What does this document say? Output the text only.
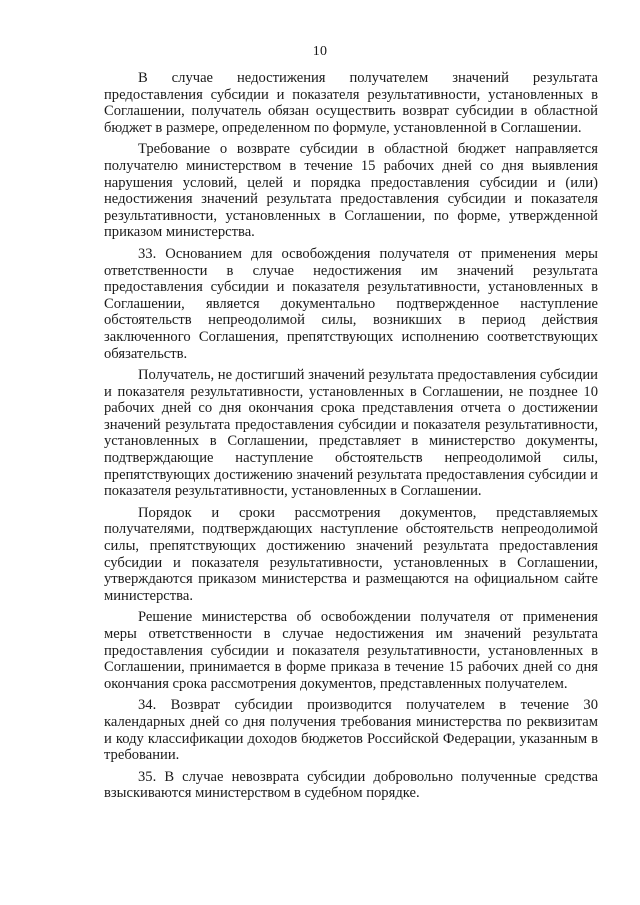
10

В случае недостижения получателем значений результата предоставления субсидии и показателя результативности, установленных в Соглашении, получатель обязан осуществить возврат субсидии в областной бюджет в размере, определенном по формуле, установленной в Соглашении.

Требование о возврате субсидии в областной бюджет направляется получателю министерством в течение 15 рабочих дней со дня выявления нарушения условий, целей и порядка предоставления субсидии и (или) недостижения значений результата предоставления субсидии и показателя результативности, установленных в Соглашении, по форме, утвержденной приказом министерства.

33. Основанием для освобождения получателя от применения меры ответственности в случае недостижения им значений результата предоставления субсидии и показателя результативности, установленных в Соглашении, является документально подтвержденное наступление обстоятельств непреодолимой силы, возникших в период действия заключенного Соглашения, препятствующих исполнению соответствующих обязательств.

Получатель, не достигший значений результата предоставления субсидии и показателя результативности, установленных в Соглашении, не позднее 10 рабочих дней со дня окончания срока представления отчета о достижении значений результата предоставления субсидии и показателя результативности, установленных в Соглашении, представляет в министерство документы, подтверждающие наступление обстоятельств непреодолимой силы, препятствующих достижению значений результата предоставления субсидии и показателя результативности, установленных в Соглашении.

Порядок и сроки рассмотрения документов, представляемых получателями, подтверждающих наступление обстоятельств непреодолимой силы, препятствующих достижению значений результата предоставления субсидии и показателя результативности, установленных в Соглашении, утверждаются приказом министерства и размещаются на официальном сайте министерства.

Решение министерства об освобождении получателя от применения меры ответственности в случае недостижения им значений результата предоставления субсидии и показателя результативности, установленных в Соглашении, принимается в форме приказа в течение 15 рабочих дней со дня окончания срока рассмотрения документов, представленных получателем.

34. Возврат субсидии производится получателем в течение 30 календарных дней со дня получения требования министерства по реквизитам и коду классификации доходов бюджетов Российской Федерации, указанным в требовании.

35. В случае невозврата субсидии добровольно полученные средства взыскиваются министерством в судебном порядке.
